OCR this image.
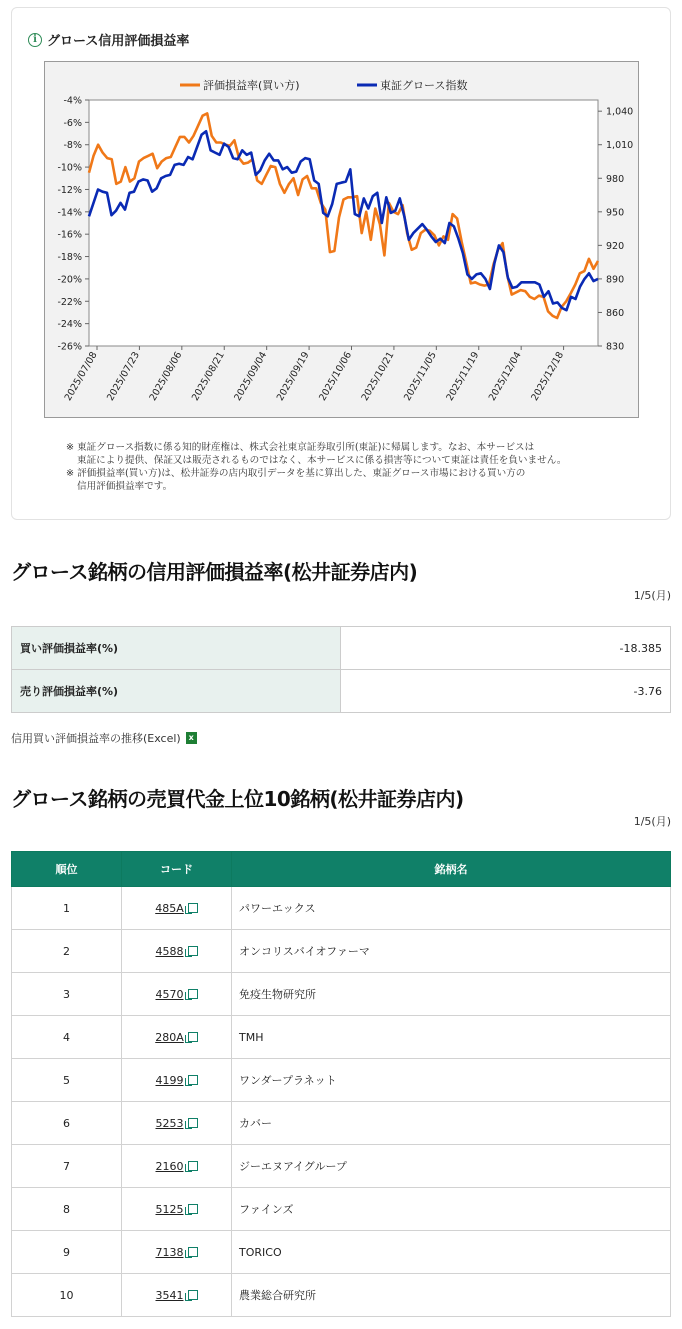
i グロース信用評価損益率
-4%
-6%
-8%
-10%
-12%
-14%
-16%
-18%
-20%
-22%
-24%
-26%
1,040
1,010
980
950
920
890
860
830
2025/07/08 2025/07/23 2025/08/06 2025/08/21 2025/09/04 2025/09/19 2025/10/06 2025/10/21 2025/11/05 2025/11/19 2025/12/04 2025/12/18
評価損益率(買い方)	東証グロース指数
※ 東証グロース指数に係る知的財産権は、株式会社東京証券取引所(東証)に帰属します。なお、本サービスは
東証により提供、保証又は販売されるものではなく、本サービスに係る損害等について東証は責任を負いません。
※ 評価損益率(買い方)は、松井証券の店内取引データを基に算出した、東証グロース市場における買い方の
信用評価損益率です。
グロース銘柄の信用評価損益率(松井証券店内)
1/5(月)
買い評価損益率(%)	-18.385
売り評価損益率(%)	-3.76
信用買い評価損益率の推移(Excel) x
グロース銘柄の売買代金上位10銘柄(松井証券店内)
1/5(月)
順位	コード	銘柄名
1	485A	パワーエックス
2	4588	オンコリスバイオファーマ
3	4570	免疫生物研究所
4	280A	TMH
5	4199	ワンダープラネット
6	5253	カバー
7	2160	ジーエヌアイグループ
8	5125	ファインズ
9	7138	TORICO
10	3541	農業総合研究所
